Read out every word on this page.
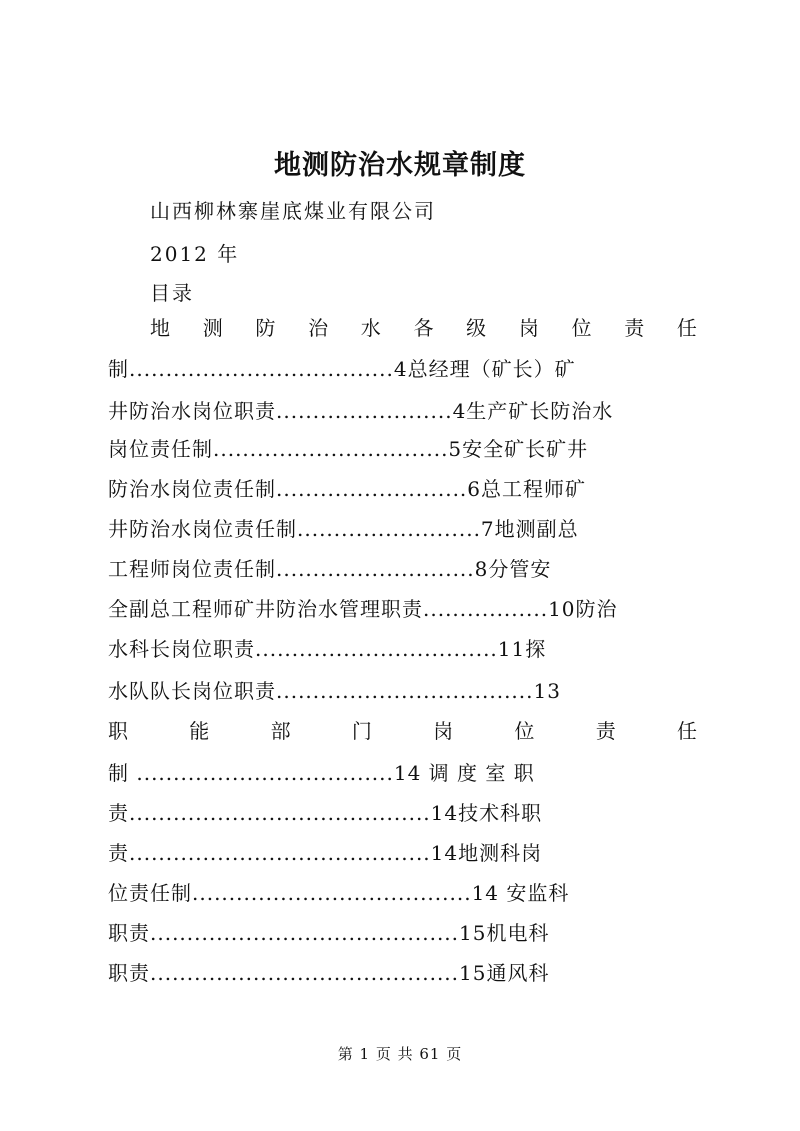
地测防治水规章制度
山西柳林寨崖底煤业有限公司
2012 年
目录
地 测 防 治 水 各 级 岗 位 责 任
制....................................4总经理（矿长）矿
井防治水岗位职责........................4生产矿长防治水
岗位责任制................................5安全矿长矿井
防治水岗位责任制..........................6总工程师矿
井防治水岗位责任制.........................7地测副总
工程师岗位责任制...........................8分管安
全副总工程师矿井防治水管理职责.................10防治
水科长岗位职责.................................11探
水队队长岗位职责...................................13
职	能	部	门	岗	位	责	任
制 ...................................14 调 度 室 职
责.........................................14技术科职
责.........................................14地测科岗
位责任制......................................14 安监科
职责..........................................15机电科
职责..........................................15通风科
第 1 页 共 61 页
